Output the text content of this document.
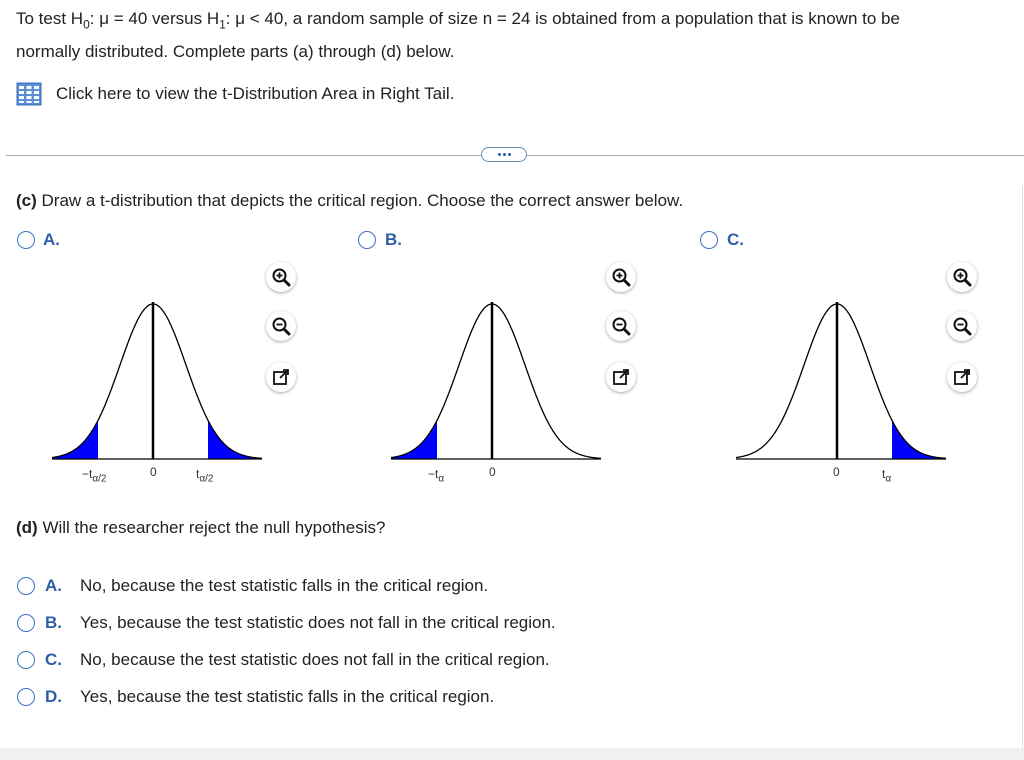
To test $H_0$: μ = 40 versus $H_1$: μ < 40, a random sample of size n = 24 is obtained from a population that is known to be
normally distributed. Complete parts (a) through (d) below.
Click here to view the t-Distribution Area in Right Tail.
(c) Draw a t-distribution that depicts the critical region. Choose the correct answer below.
A.	B.	C.
$-t_{\alpha/2}$	0	$t_{\alpha/2}$	$-t_\alpha$	0	0	$t_\alpha$
(d) Will the researcher reject the null hypothesis?
A. No, because the test statistic falls in the critical region.
B. Yes, because the test statistic does not fall in the critical region.
C. No, because the test statistic does not fall in the critical region.
D. Yes, because the test statistic falls in the critical region.
